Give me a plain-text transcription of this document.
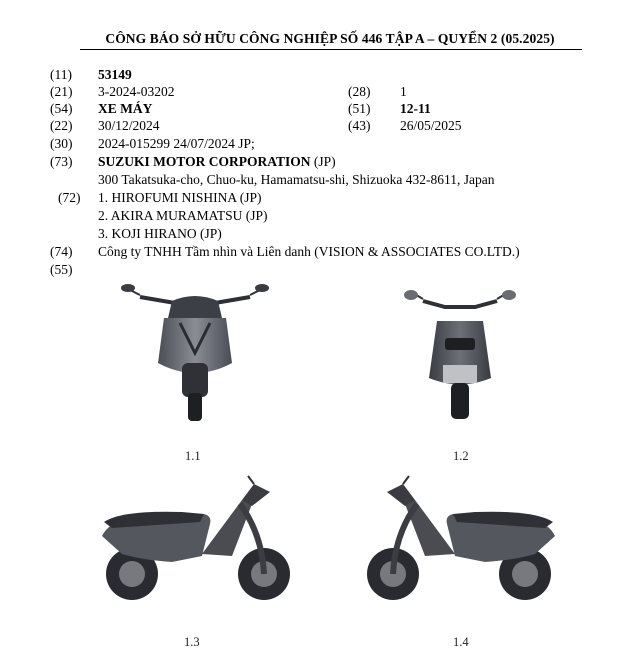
CÔNG BÁO SỞ HỮU CÔNG NGHIỆP SỐ 446 TẬP A – QUYỂN 2 (05.2025)
(11) 53149
(21) 3-2024-03202	(28) 1
(54) XE MÁY	(51) 12-11
(22) 30/12/2024	(43) 26/05/2025
(30) 2024-015299 24/07/2024 JP;
(73) SUZUKI MOTOR CORPORATION (JP)
300 Takatsuka-cho, Chuo-ku, Hamamatsu-shi, Shizuoka 432-8611, Japan
(72) 1. HIROFUMI NISHINA (JP)
2. AKIRA MURAMATSU (JP)
3. KOJI HIRANO (JP)
(74) Công ty TNHH Tầm nhìn và Liên danh (VISION & ASSOCIATES CO.LTD.)
(55)
1.1	1.2
1.3	1.4
